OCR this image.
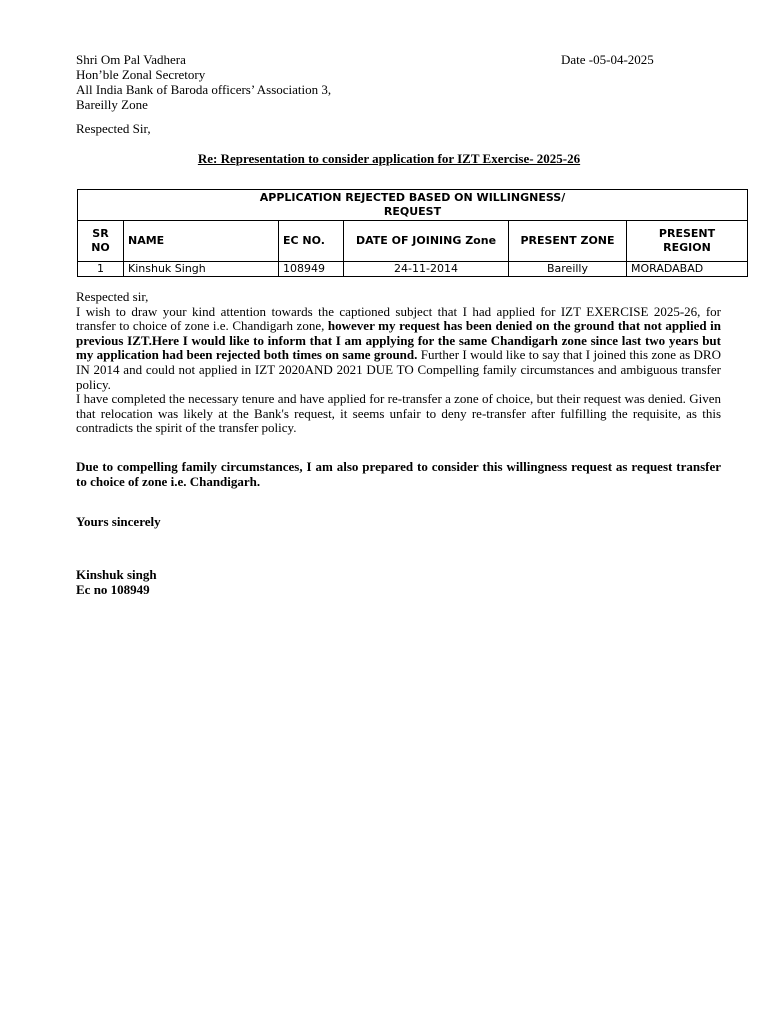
Shri Om Pal Vadhera
Hon’ble Zonal Secretory
All India Bank of Baroda officers’ Association 3,
Bareilly Zone
Date -05-04-2025
Respected Sir,
Re: Representation to consider application for IZT Exercise- 2025-26
APPLICATION REJECTED BASED ON WILLINGNESS/
REQUEST					
SR
NO	NAME	EC NO.	DATE OF JOINING Zone	PRESENT ZONE	PRESENT
REGION
1	Kinshuk Singh	108949	24-11-2014	Bareilly	MORADABAD

Respected sir,

I wish to draw your kind attention towards the captioned subject that I had applied for IZT EXERCISE 2025-26, for transfer to choice of zone i.e. Chandigarh zone, however my request has been denied on the ground that not applied in previous IZT.Here I would like to inform that I am applying for the same Chandigarh zone since last two years but my application had been rejected both times on same ground. Further I would like to say that I joined this zone as DRO IN 2014 and could not applied in IZT 2020AND 2021 DUE TO Compelling family circumstances and ambiguous transfer policy.

I have completed the necessary tenure and have applied for re-transfer a zone of choice, but their request was denied. Given that relocation was likely at the Bank's request, it seems unfair to deny re-transfer after fulfilling the requisite, as this contradicts the spirit of the transfer policy.

Due to compelling family circumstances, I am also prepared to consider this willingness request as request transfer to choice of zone i.e. Chandigarh.
Yours sincerely
Kinshuk singh
Ec no 108949
